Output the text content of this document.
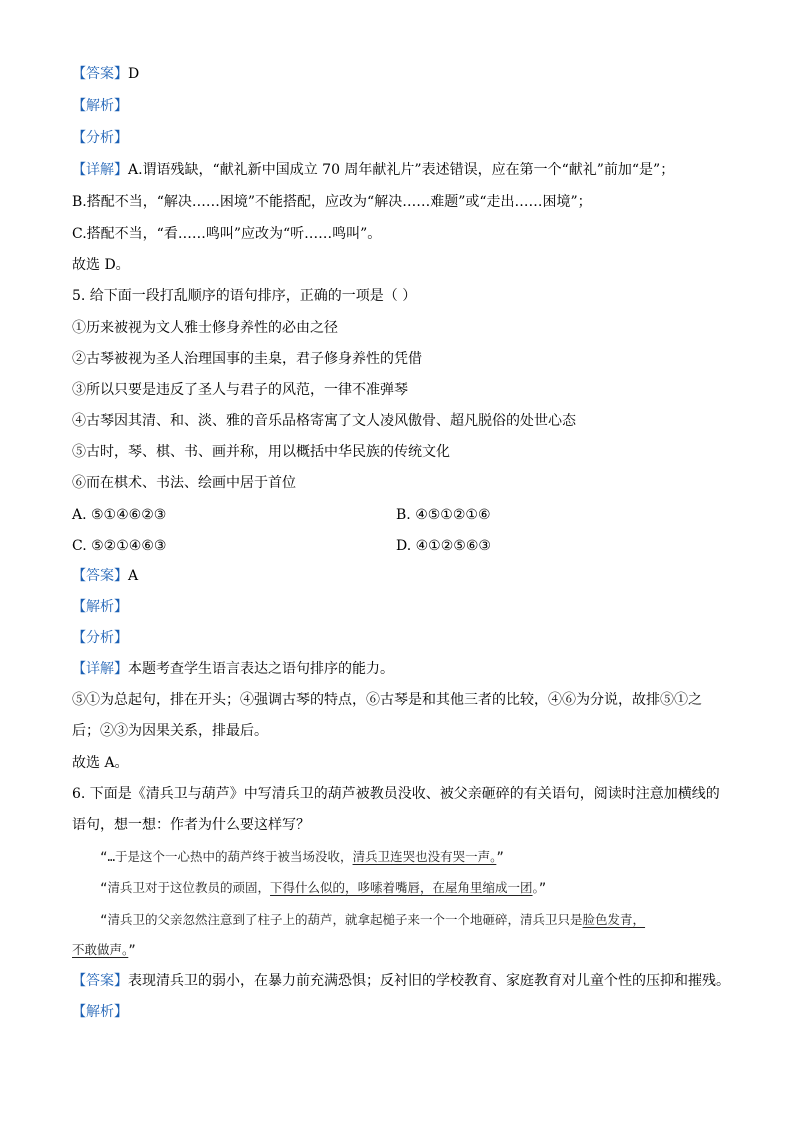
【答案】D
【解析】
【分析】
【详解】A.谓语残缺，“献礼新中国成立 70 周年献礼片”表述错误，应在第一个“献礼”前加“是”；
B.搭配不当，“解决……困境”不能搭配，应改为“解决……难题”或“走出……困境”；
C.搭配不当，“看……鸣叫”应改为“听……鸣叫”。
故选 D。
5. 给下面一段打乱顺序的语句排序，正确的一项是（ ）
①历来被视为文人雅士修身养性的必由之径
②古琴被视为圣人治理国事的圭臬，君子修身养性的凭借
③所以只要是违反了圣人与君子的风范，一律不准弹琴
④古琴因其清、和、淡、雅的音乐品格寄寓了文人凌风傲骨、超凡脱俗的处世心态
⑤古时，琴、棋、书、画并称，用以概括中华民族的传统文化
⑥而在棋术、书法、绘画中居于首位
A. ⑤①④⑥②③	B. ④⑤①②①⑥
C. ⑤②①④⑥③	D. ④①②⑤⑥③
【答案】A
【解析】
【分析】
【详解】本题考查学生语言表达之语句排序的能力。
⑤①为总起句，排在开头；④强调古琴的特点，⑥古琴是和其他三者的比较，④⑥为分说，故排⑤①之
后；②③为因果关系，排最后。
故选 A。
6. 下面是《清兵卫与葫芦》中写清兵卫的葫芦被教员没收、被父亲砸碎的有关语句，阅读时注意加横线的
语句，想一想：作者为什么要这样写？
“…于是这个一心热中的葫芦终于被当场没收，清兵卫连哭也没有哭一声。”
“清兵卫对于这位教员的顽固，下得什么似的，哆嗦着嘴唇，在屋角里缩成一团。”
“清兵卫的父亲忽然注意到了柱子上的葫芦，就拿起槌子来一个一个地砸碎，清兵卫只是脸色发青，
不敢做声。”
【答案】表现清兵卫的弱小，在暴力前充满恐惧；反衬旧的学校教育、家庭教育对儿童个性的压抑和摧残。
【解析】
